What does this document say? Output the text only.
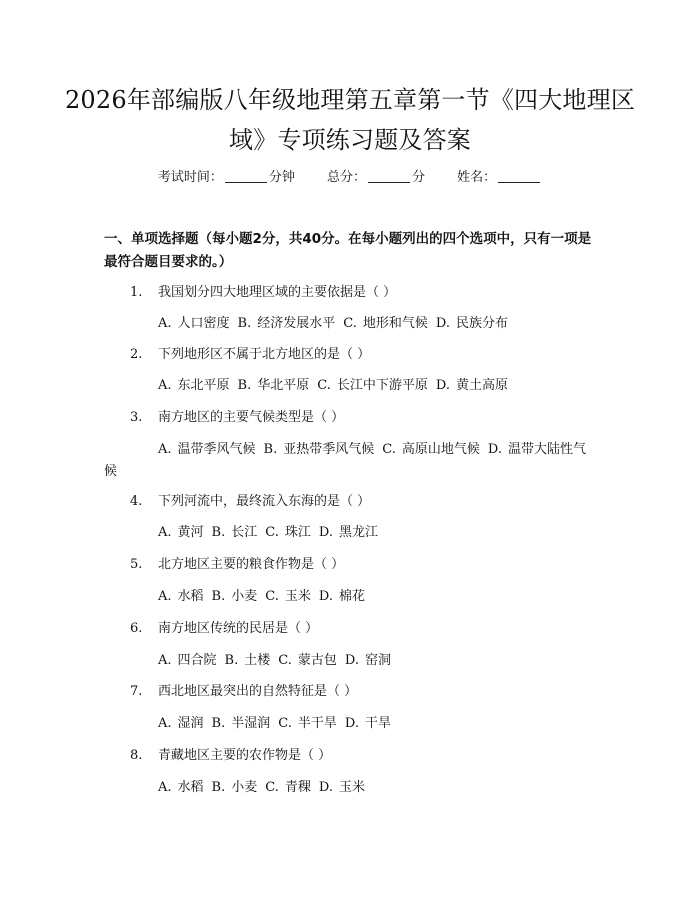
2026年部编版八年级地理第五章第一节《四大地理区域》专项练习题及答案
考试时间：	分钟 总分：	分 姓名：
一、单项选择题（每小题2分，共40分。在每小题列出的四个选项中，只有一项是最符合题目要求的。）
1. 我国划分四大地理区域的主要依据是（ ）
A. 人口密度 B. 经济发展水平 C. 地形和气候 D. 民族分布
2. 下列地形区不属于北方地区的是（ ）
A. 东北平原 B. 华北平原 C. 长江中下游平原 D. 黄土高原
3. 南方地区的主要气候类型是（ ）
A. 温带季风气候 B. 亚热带季风气候 C. 高原山地气候 D. 温带大陆性气候
4. 下列河流中，最终流入东海的是（ ）
A. 黄河 B. 长江 C. 珠江 D. 黑龙江
5. 北方地区主要的粮食作物是（ ）
A. 水稻 B. 小麦 C. 玉米 D. 棉花
6. 南方地区传统的民居是（ ）
A. 四合院 B. 土楼 C. 蒙古包 D. 窑洞
7. 西北地区最突出的自然特征是（ ）
A. 湿润 B. 半湿润 C. 半干旱 D. 干旱
8. 青藏地区主要的农作物是（ ）
A. 水稻 B. 小麦 C. 青稞 D. 玉米
